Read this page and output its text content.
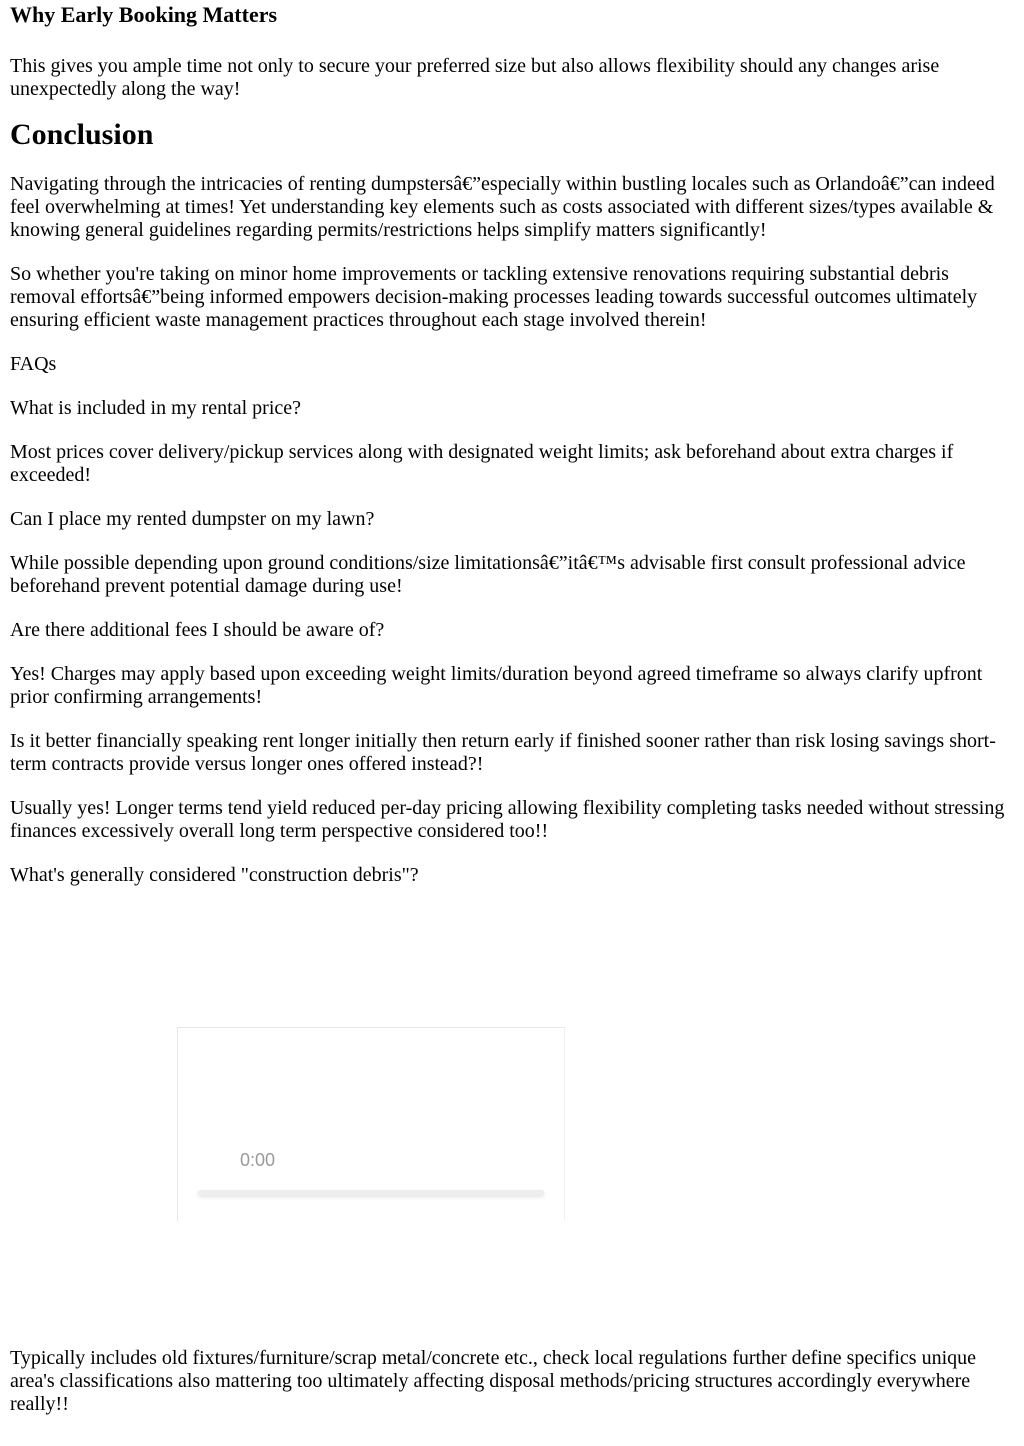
Why Early Booking Matters

This gives you ample time not only to secure your preferred size but also allows flexibility should any changes arise unexpectedly along the way!

Conclusion

Navigating through the intricacies of renting dumpstersâ€”especially within bustling locales such as Orlandoâ€”can indeed feel overwhelming at times! Yet understanding key elements such as costs associated with different sizes/types available & knowing general guidelines regarding permits/restrictions helps simplify matters significantly!

So whether you're taking on minor home improvements or tackling extensive renovations requiring substantial debris removal effortsâ€”being informed empowers decision-making processes leading towards successful outcomes ultimately ensuring efficient waste management practices throughout each stage involved therein!

FAQs

What is included in my rental price?

Most prices cover delivery/pickup services along with designated weight limits; ask beforehand about extra charges if exceeded!

Can I place my rented dumpster on my lawn?

While possible depending upon ground conditions/size limitationsâ€”itâ€™s advisable first consult professional advice beforehand prevent potential damage during use!

Are there additional fees I should be aware of?

Yes! Charges may apply based upon exceeding weight limits/duration beyond agreed timeframe so always clarify upfront prior confirming arrangements!

Is it better financially speaking rent longer initially then return early if finished sooner rather than risk losing savings short-term contracts provide versus longer ones offered instead?!

Usually yes! Longer terms tend yield reduced per-day pricing allowing flexibility completing tasks needed without stressing finances excessively overall long term perspective considered too!!

What's generally considered "construction debris"?

0:00

Typically includes old fixtures/furniture/scrap metal/concrete etc., check local regulations further define specifics unique area's classifications also mattering too ultimately affecting disposal methods/pricing structures accordingly everywhere really!!
